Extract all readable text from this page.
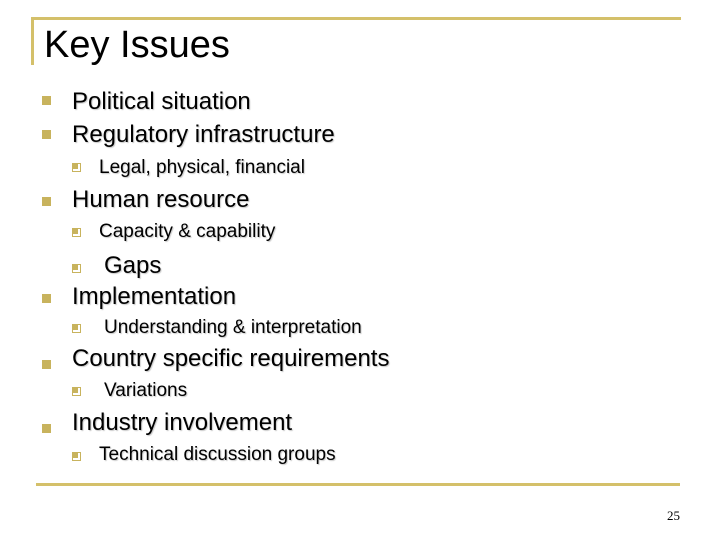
Key Issues
Political situation
Regulatory infrastructure
Legal, physical, financial
Human resource
Capacity & capability
Gaps
Implementation
Understanding & interpretation
Country specific requirements
Variations
Industry involvement
Technical discussion groups
25
